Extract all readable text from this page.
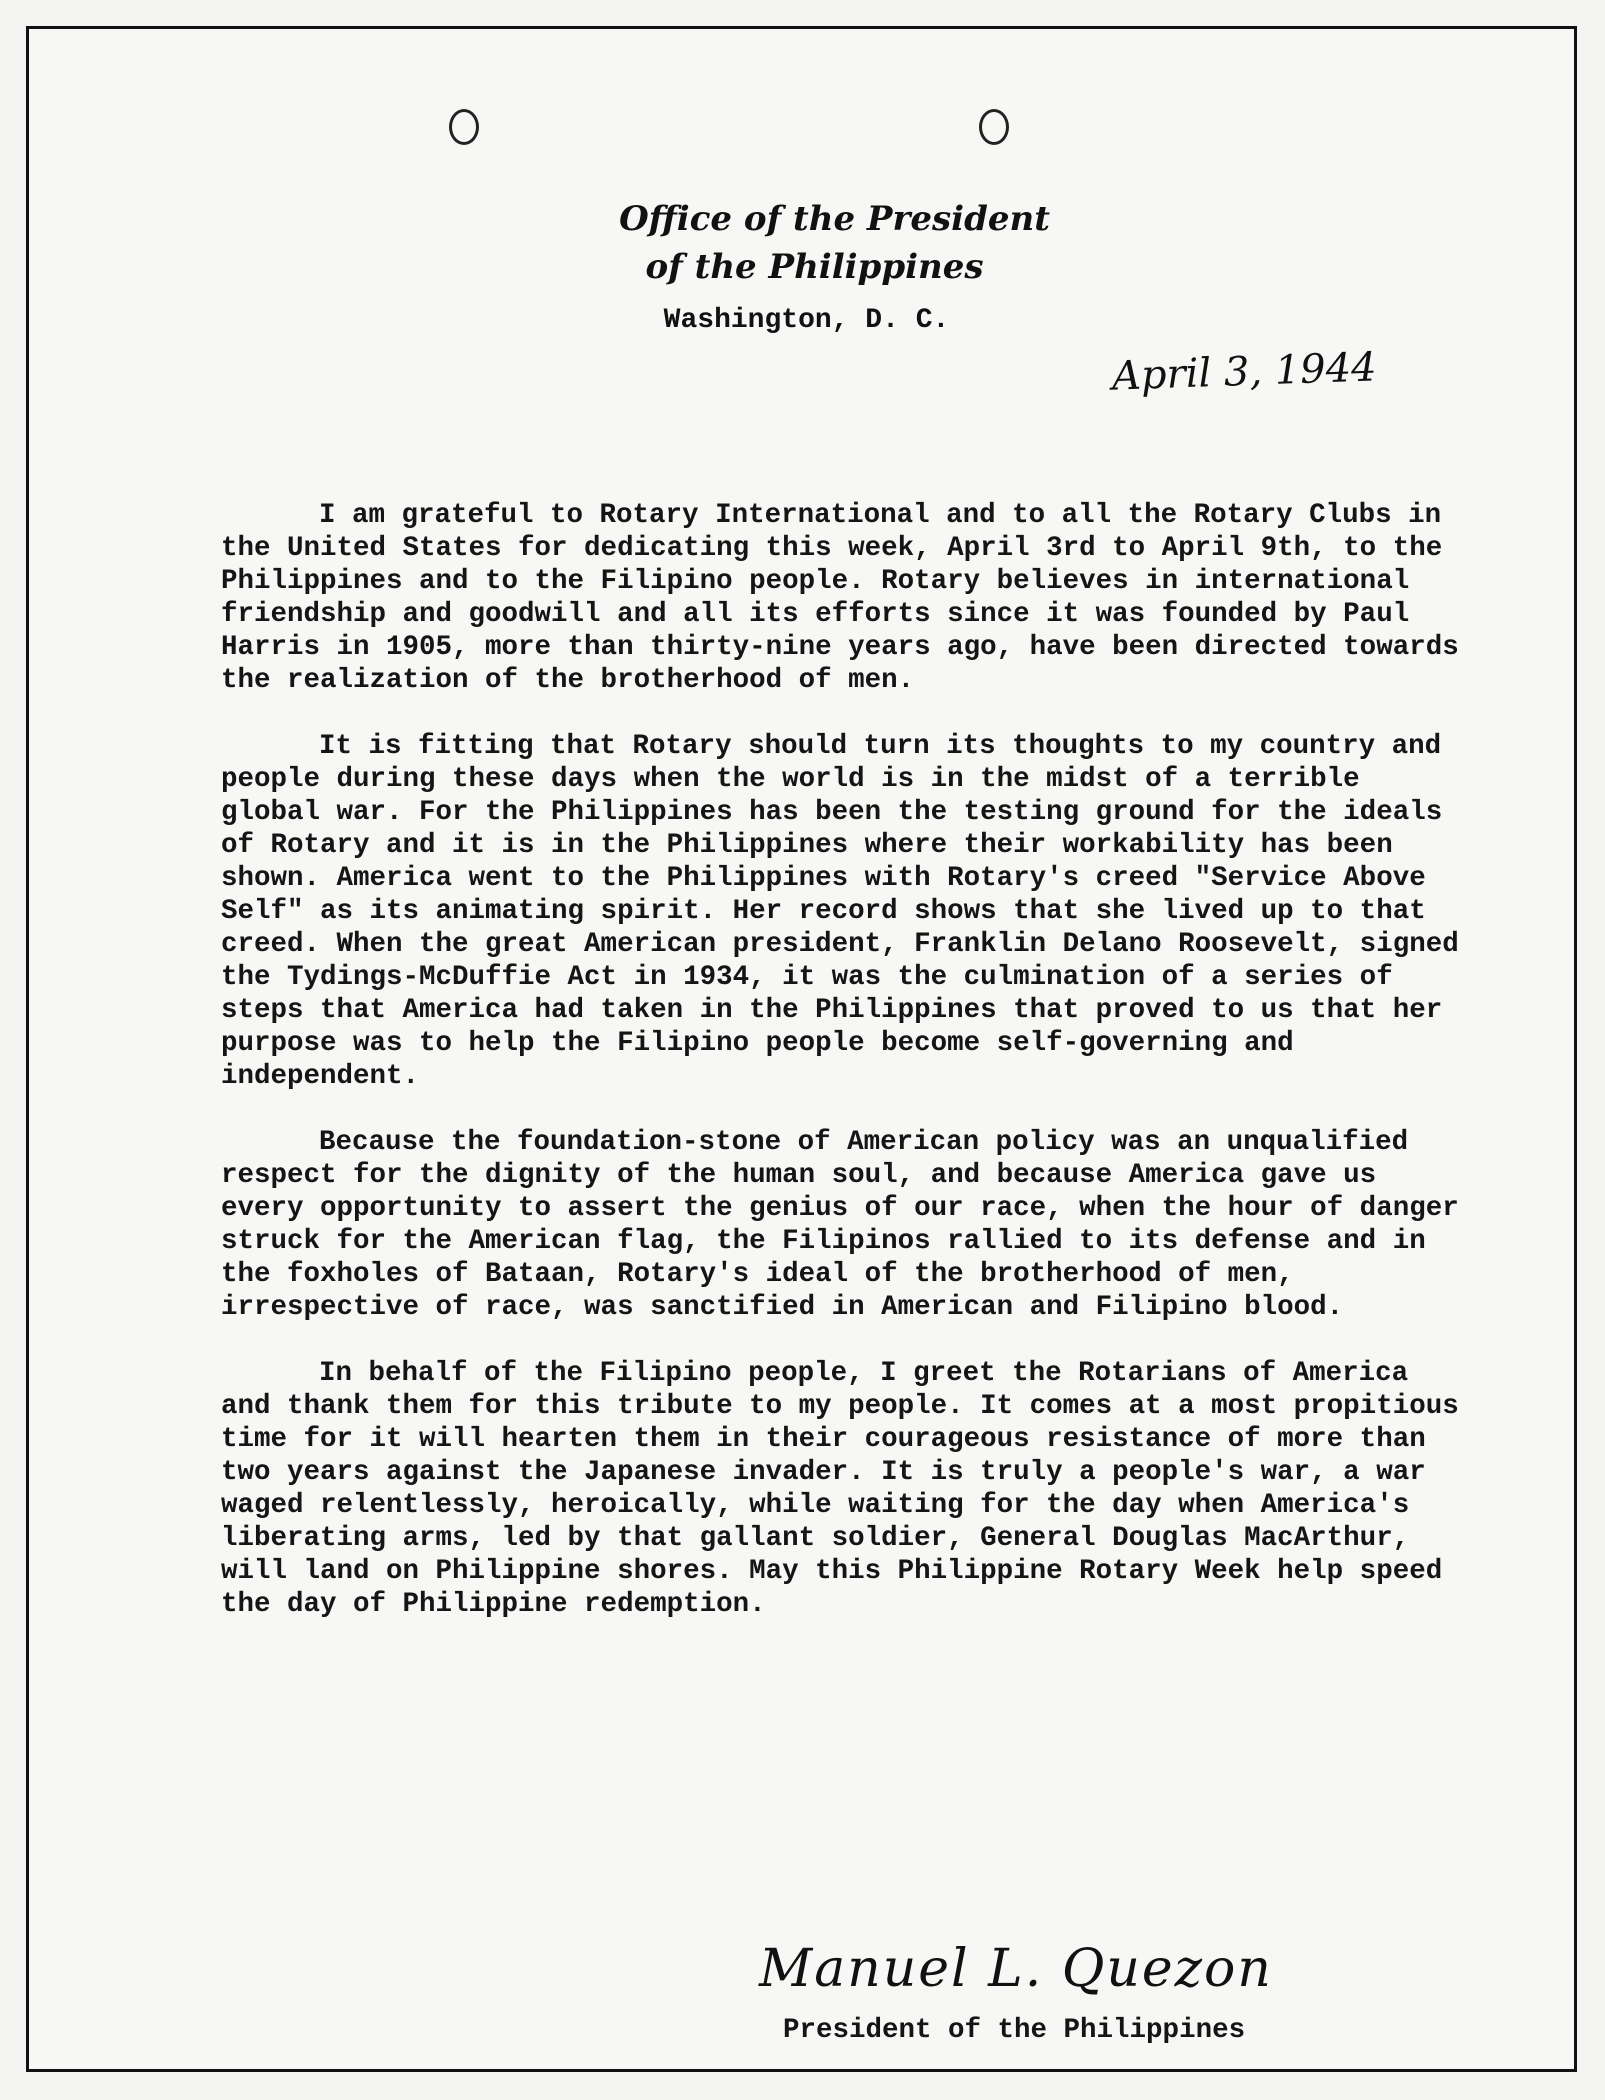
Office of the President
of the Philippines
Washington, D. C.
April 3, 1944

I am grateful to Rotary International and to all the Rotary Clubs in the United States for dedicating this week, April 3rd to April 9th, to the Philippines and to the Filipino people. Rotary believes in international friendship and goodwill and all its efforts since it was founded by Paul Harris in 1905, more than thirty-nine years ago, have been directed towards the realization of the brotherhood of men.

It is fitting that Rotary should turn its thoughts to my country and people during these days when the world is in the midst of a terrible global war. For the Philippines has been the testing ground for the ideals of Rotary and it is in the Philippines where their workability has been shown. America went to the Philippines with Rotary's creed "Service Above Self" as its animating spirit. Her record shows that she lived up to that creed. When the great American president, Franklin Delano Roosevelt, signed the Tydings-McDuffie Act in 1934, it was the culmination of a series of steps that America had taken in the Philippines that proved to us that her purpose was to help the Filipino people become self-governing and independent.

Because the foundation-stone of American policy was an unqualified respect for the dignity of the human soul, and because America gave us every opportunity to assert the genius of our race, when the hour of danger struck for the American flag, the Filipinos rallied to its defense and in the foxholes of Bataan, Rotary's ideal of the brotherhood of men, irrespective of race, was sanctified in American and Filipino blood.

In behalf of the Filipino people, I greet the Rotarians of America and thank them for this tribute to my people. It comes at a most propitious time for it will hearten them in their courageous resistance of more than two years against the Japanese invader. It is truly a people's war, a war waged relentlessly, heroically, while waiting for the day when America's liberating arms, led by that gallant soldier, General Douglas MacArthur, will land on Philippine shores. May this Philippine Rotary Week help speed the day of Philippine redemption.

Manuel L. Quezon
President of the Philippines
